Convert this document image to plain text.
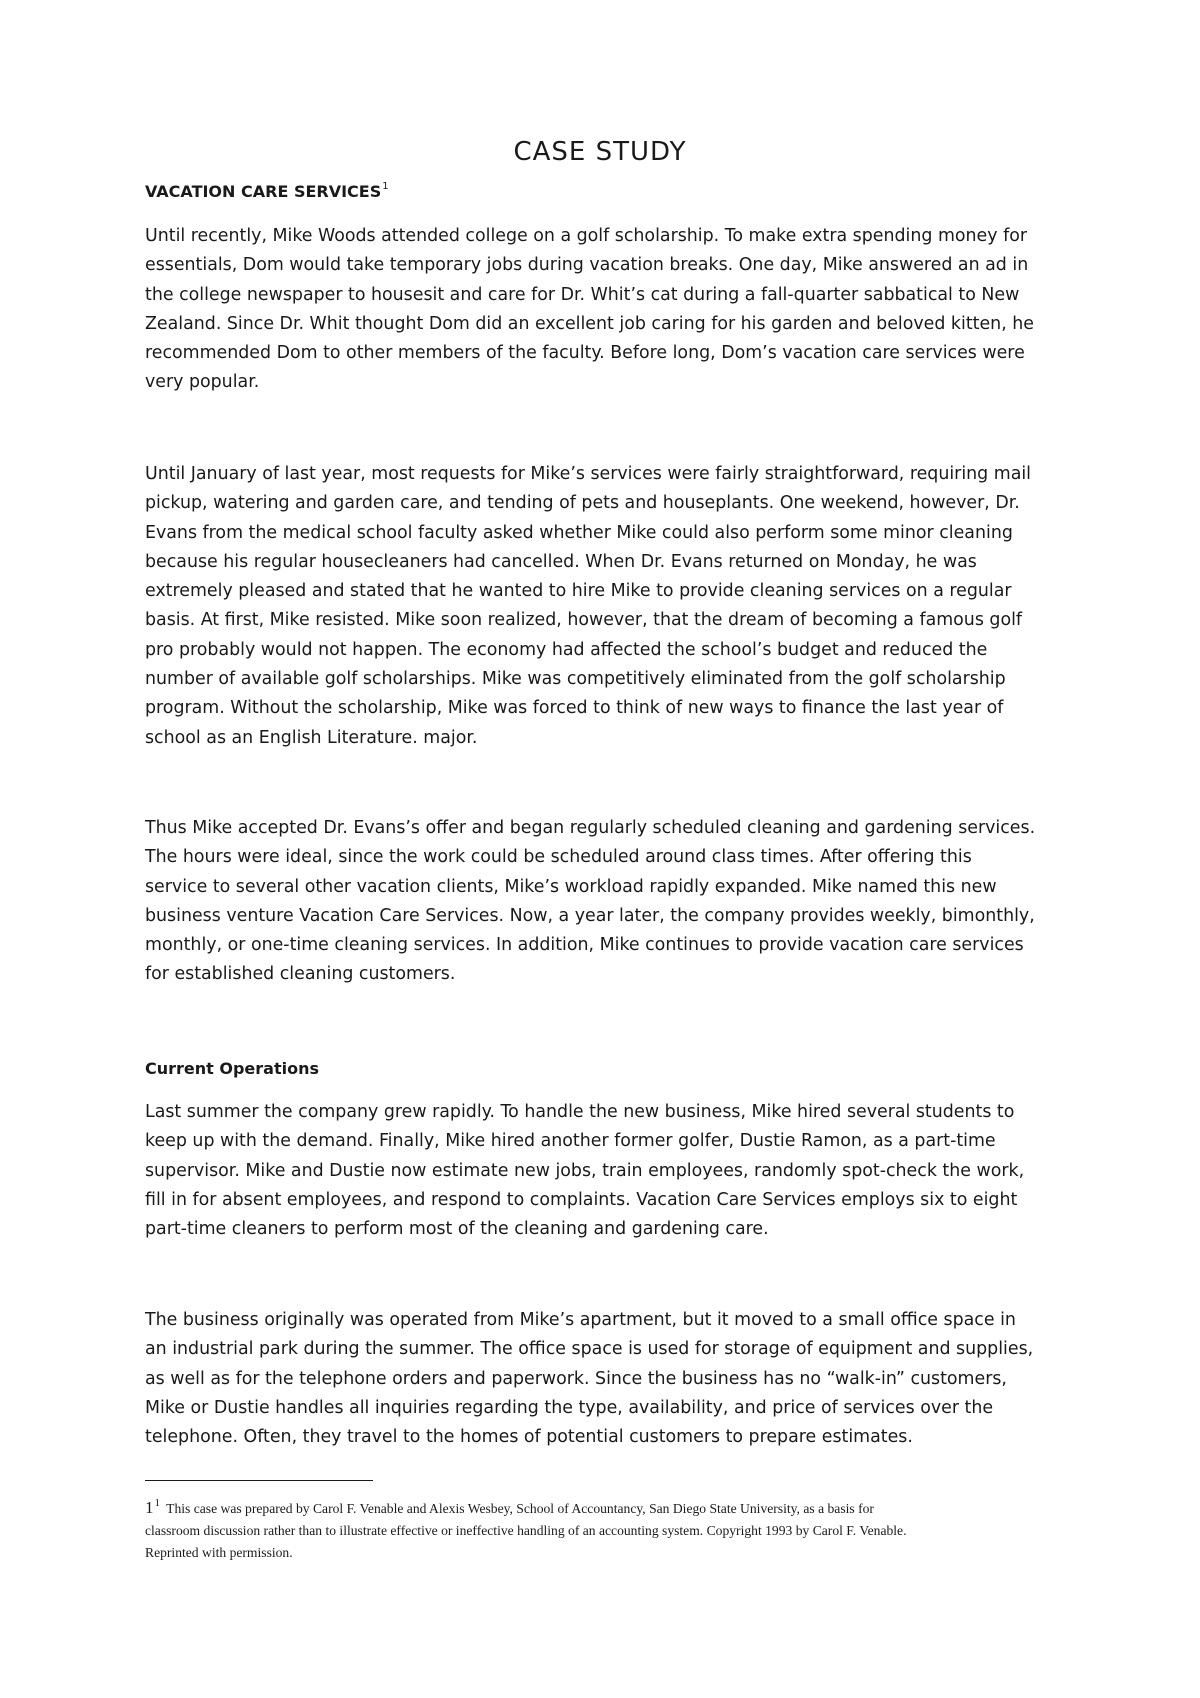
CASE STUDY
VACATION CARE SERVICES$^1$

Until recently, Mike Woods attended college on a golf scholarship. To make extra spending money for
essentials, Dom would take temporary jobs during vacation breaks. One day, Mike answered an ad in
the college newspaper to housesit and care for Dr. Whit’s cat during a fall-quarter sabbatical to New
Zealand. Since Dr. Whit thought Dom did an excellent job caring for his garden and beloved kitten, he
recommended Dom to other members of the faculty. Before long, Dom’s vacation care services were
very popular.

Until January of last year, most requests for Mike’s services were fairly straightforward, requiring mail
pickup, watering and garden care, and tending of pets and houseplants. One weekend, however, Dr.
Evans from the medical school faculty asked whether Mike could also perform some minor cleaning
because his regular housecleaners had cancelled. When Dr. Evans returned on Monday, he was
extremely pleased and stated that he wanted to hire Mike to provide cleaning services on a regular
basis. At first, Mike resisted. Mike soon realized, however, that the dream of becoming a famous golf
pro probably would not happen. The economy had affected the school’s budget and reduced the
number of available golf scholarships. Mike was competitively eliminated from the golf scholarship
program. Without the scholarship, Mike was forced to think of new ways to finance the last year of
school as an English Literature. major.

Thus Mike accepted Dr. Evans’s offer and began regularly scheduled cleaning and gardening services.
The hours were ideal, since the work could be scheduled around class times. After offering this
service to several other vacation clients, Mike’s workload rapidly expanded. Mike named this new
business venture Vacation Care Services. Now, a year later, the company provides weekly, bimonthly,
monthly, or one-time cleaning services. In addition, Mike continues to provide vacation care services
for established cleaning customers.

Current Operations

Last summer the company grew rapidly. To handle the new business, Mike hired several students to
keep up with the demand. Finally, Mike hired another former golfer, Dustie Ramon, as a part-time
supervisor. Mike and Dustie now estimate new jobs, train employees, randomly spot-check the work,
fill in for absent employees, and respond to complaints. Vacation Care Services employs six to eight
part-time cleaners to perform most of the cleaning and gardening care.

The business originally was operated from Mike’s apartment, but it moved to a small office space in
an industrial park during the summer. The office space is used for storage of equipment and supplies,
as well as for the telephone orders and paperwork. Since the business has no “walk-in” customers,
Mike or Dustie handles all inquiries regarding the type, availability, and price of services over the
telephone. Often, they travel to the homes of potential customers to prepare estimates.

1$^1$ This case was prepared by Carol F. Venable and Alexis Wesbey, School of Accountancy, San Diego State University, as a basis for
classroom discussion rather than to illustrate effective or ineffective handling of an accounting system. Copyright 1993 by Carol F. Venable.
Reprinted with permission.
